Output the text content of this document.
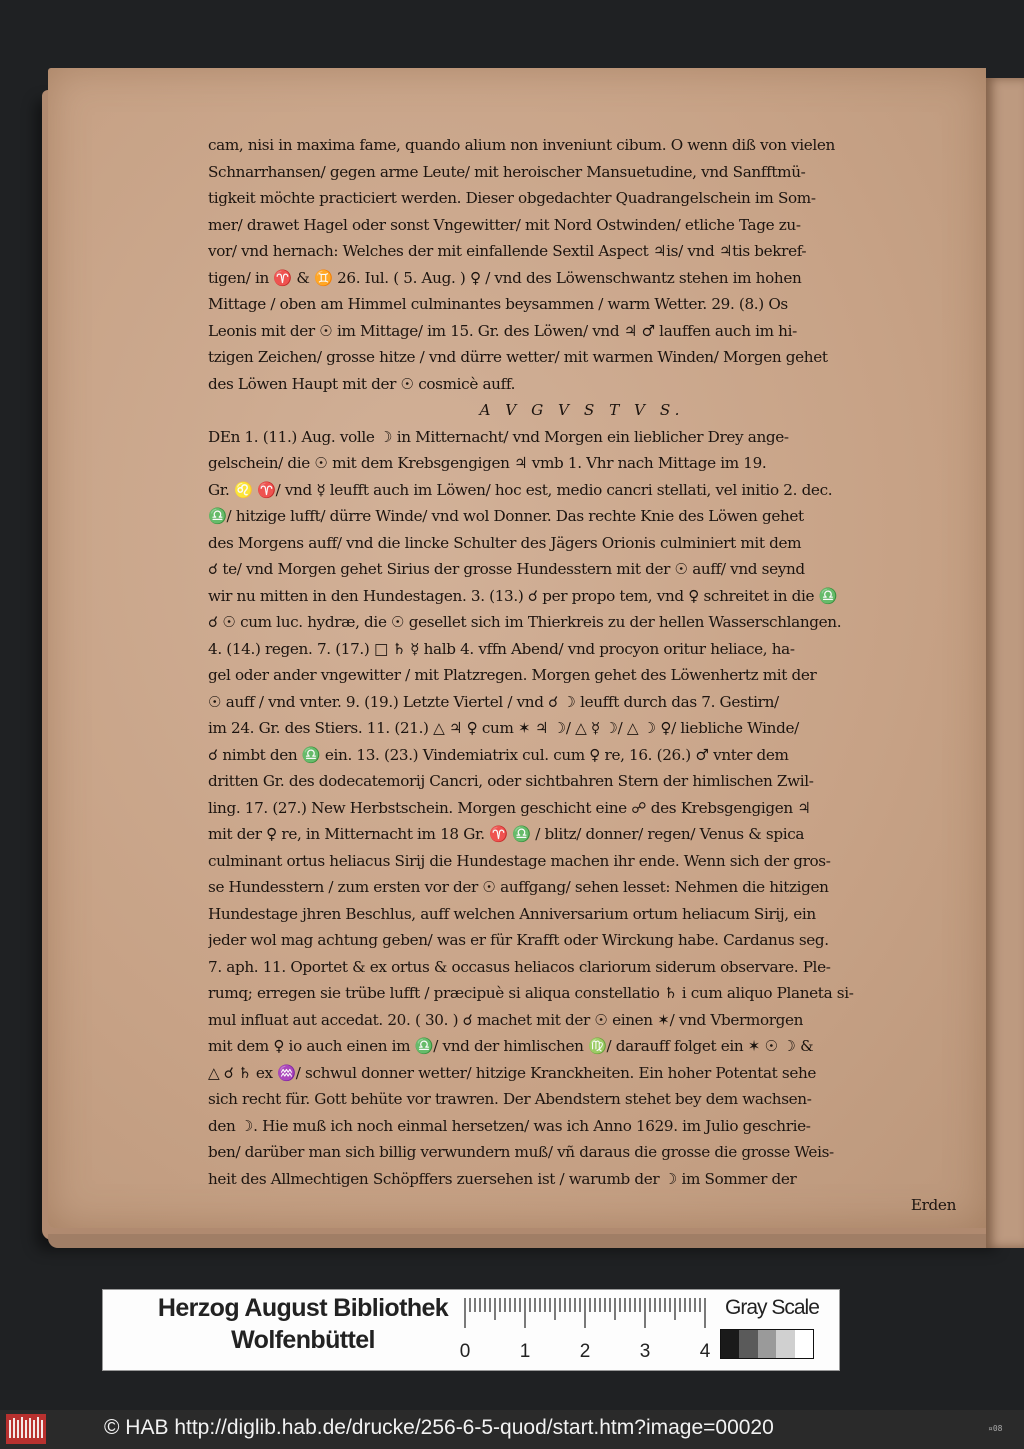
cam, nisi in maxima fame, quando alium non inveniunt cibum. O wenn diß von vielen
Schnarrhansen/ gegen arme Leute/ mit heroischer Mansuetudine, vnd Sanfftmü-
tigkeit möchte practiciert werden. Dieser obgedachter Quadrangelschein im Som-
mer/ drawet Hagel oder sonst Vngewitter/ mit Nord Ostwinden/ etliche Tage zu-
vor/ vnd hernach: Welches der mit einfallende Sextil Aspect ♃is/ vnd ♃tis bekref-
tigen/ in ♈ & ♊ 26. Iul. ( 5. Aug. ) ♀ / vnd des Löwenschwantz stehen im hohen
Mittage / oben am Himmel culminantes beysammen / warm Wetter. 29. (8.) Os
Leonis mit der ☉ im Mittage/ im 15. Gr. des Löwen/ vnd ♃ ♂ lauffen auch im hi-
tzigen Zeichen/ grosse hitze / vnd dürre wetter/ mit warmen Winden/ Morgen gehet
des Löwen Haupt mit der ☉ cosmicè auff.
A V G V S T V S.
DEn 1. (11.) Aug. volle ☽ in Mitternacht/ vnd Morgen ein lieblicher Drey ange-
gelschein/ die ☉ mit dem Krebsgengigen ♃ vmb 1. Vhr nach Mittage im 19.
Gr. ♌ ♈/ vnd ☿ leufft auch im Löwen/ hoc est, medio cancri stellati, vel initio 2. dec.
♎/ hitzige lufft/ dürre Winde/ vnd wol Donner. Das rechte Knie des Löwen gehet
des Morgens auff/ vnd die lincke Schulter des Jägers Orionis culminiert mit dem
☌ te/ vnd Morgen gehet Sirius der grosse Hundesstern mit der ☉ auff/ vnd seynd
wir nu mitten in den Hundestagen. 3. (13.) ☌ per propo tem, vnd ♀ schreitet in die ♎
☌ ☉ cum luc. hydræ, die ☉ gesellet sich im Thierkreis zu der hellen Wasserschlangen.
4. (14.) regen. 7. (17.) □ ♄ ☿ halb 4. vffn Abend/ vnd procyon oritur heliace, ha-
gel oder ander vngewitter / mit Platzregen. Morgen gehet des Löwenhertz mit der
☉ auff / vnd vnter. 9. (19.) Letzte Viertel / vnd ☌ ☽ leufft durch das 7. Gestirn/
im 24. Gr. des Stiers. 11. (21.) △ ♃ ♀ cum ✶ ♃ ☽/ △ ☿ ☽/ △ ☽ ♀/ liebliche Winde/
☌ nimbt den ♎ ein. 13. (23.) Vindemiatrix cul. cum ♀ re, 16. (26.) ♂ vnter dem
dritten Gr. des dodecatemorij Cancri, oder sichtbahren Stern der himlischen Zwil-
ling. 17. (27.) New Herbstschein. Morgen geschicht eine ☍ des Krebsgengigen ♃
mit der ♀ re, in Mitternacht im 18 Gr. ♈ ♎ / blitz/ donner/ regen/ Venus & spica
culminant ortus heliacus Sirij die Hundestage machen ihr ende. Wenn sich der gros-
se Hundesstern / zum ersten vor der ☉ auffgang/ sehen lesset: Nehmen die hitzigen
Hundestage jhren Beschlus, auff welchen Anniversarium ortum heliacum Sirij, ein
jeder wol mag achtung geben/ was er für Krafft oder Wirckung habe. Cardanus seg.
7. aph. 11. Oportet & ex ortus & occasus heliacos clariorum siderum observare. Ple-
rumq; erregen sie trübe lufft / præcipuè si aliqua constellatio ♄ i cum aliquo Planeta si-
mul influat aut accedat. 20. ( 30. ) ☌ machet mit der ☉ einen ✶/ vnd Vbermorgen
mit dem ♀ io auch einen im ♎/ vnd der himlischen ♍/ darauff folget ein ✶ ☉ ☽ &
△ ☌ ♄ ex ♒/ schwul donner wetter/ hitzige Kranckheiten. Ein hoher Potentat sehe
sich recht für. Gott behüte vor trawren. Der Abendstern stehet bey dem wachsen-
den ☽. Hie muß ich noch einmal hersetzen/ was ich Anno 1629. im Julio geschrie-
ben/ darüber man sich billig verwundern muß/ vñ daraus die grosse die grosse Weis-
heit des Allmechtigen Schöpffers zuersehen ist / warumb der ☽ im Sommer der
Erden
Herzog August Bibliothek
Wolfenbüttel	0	1	2	3	4
Gray Scale
© HAB http://diglib.hab.de/drucke/256-6-5-quod/start.htm?image=00020	¤08
